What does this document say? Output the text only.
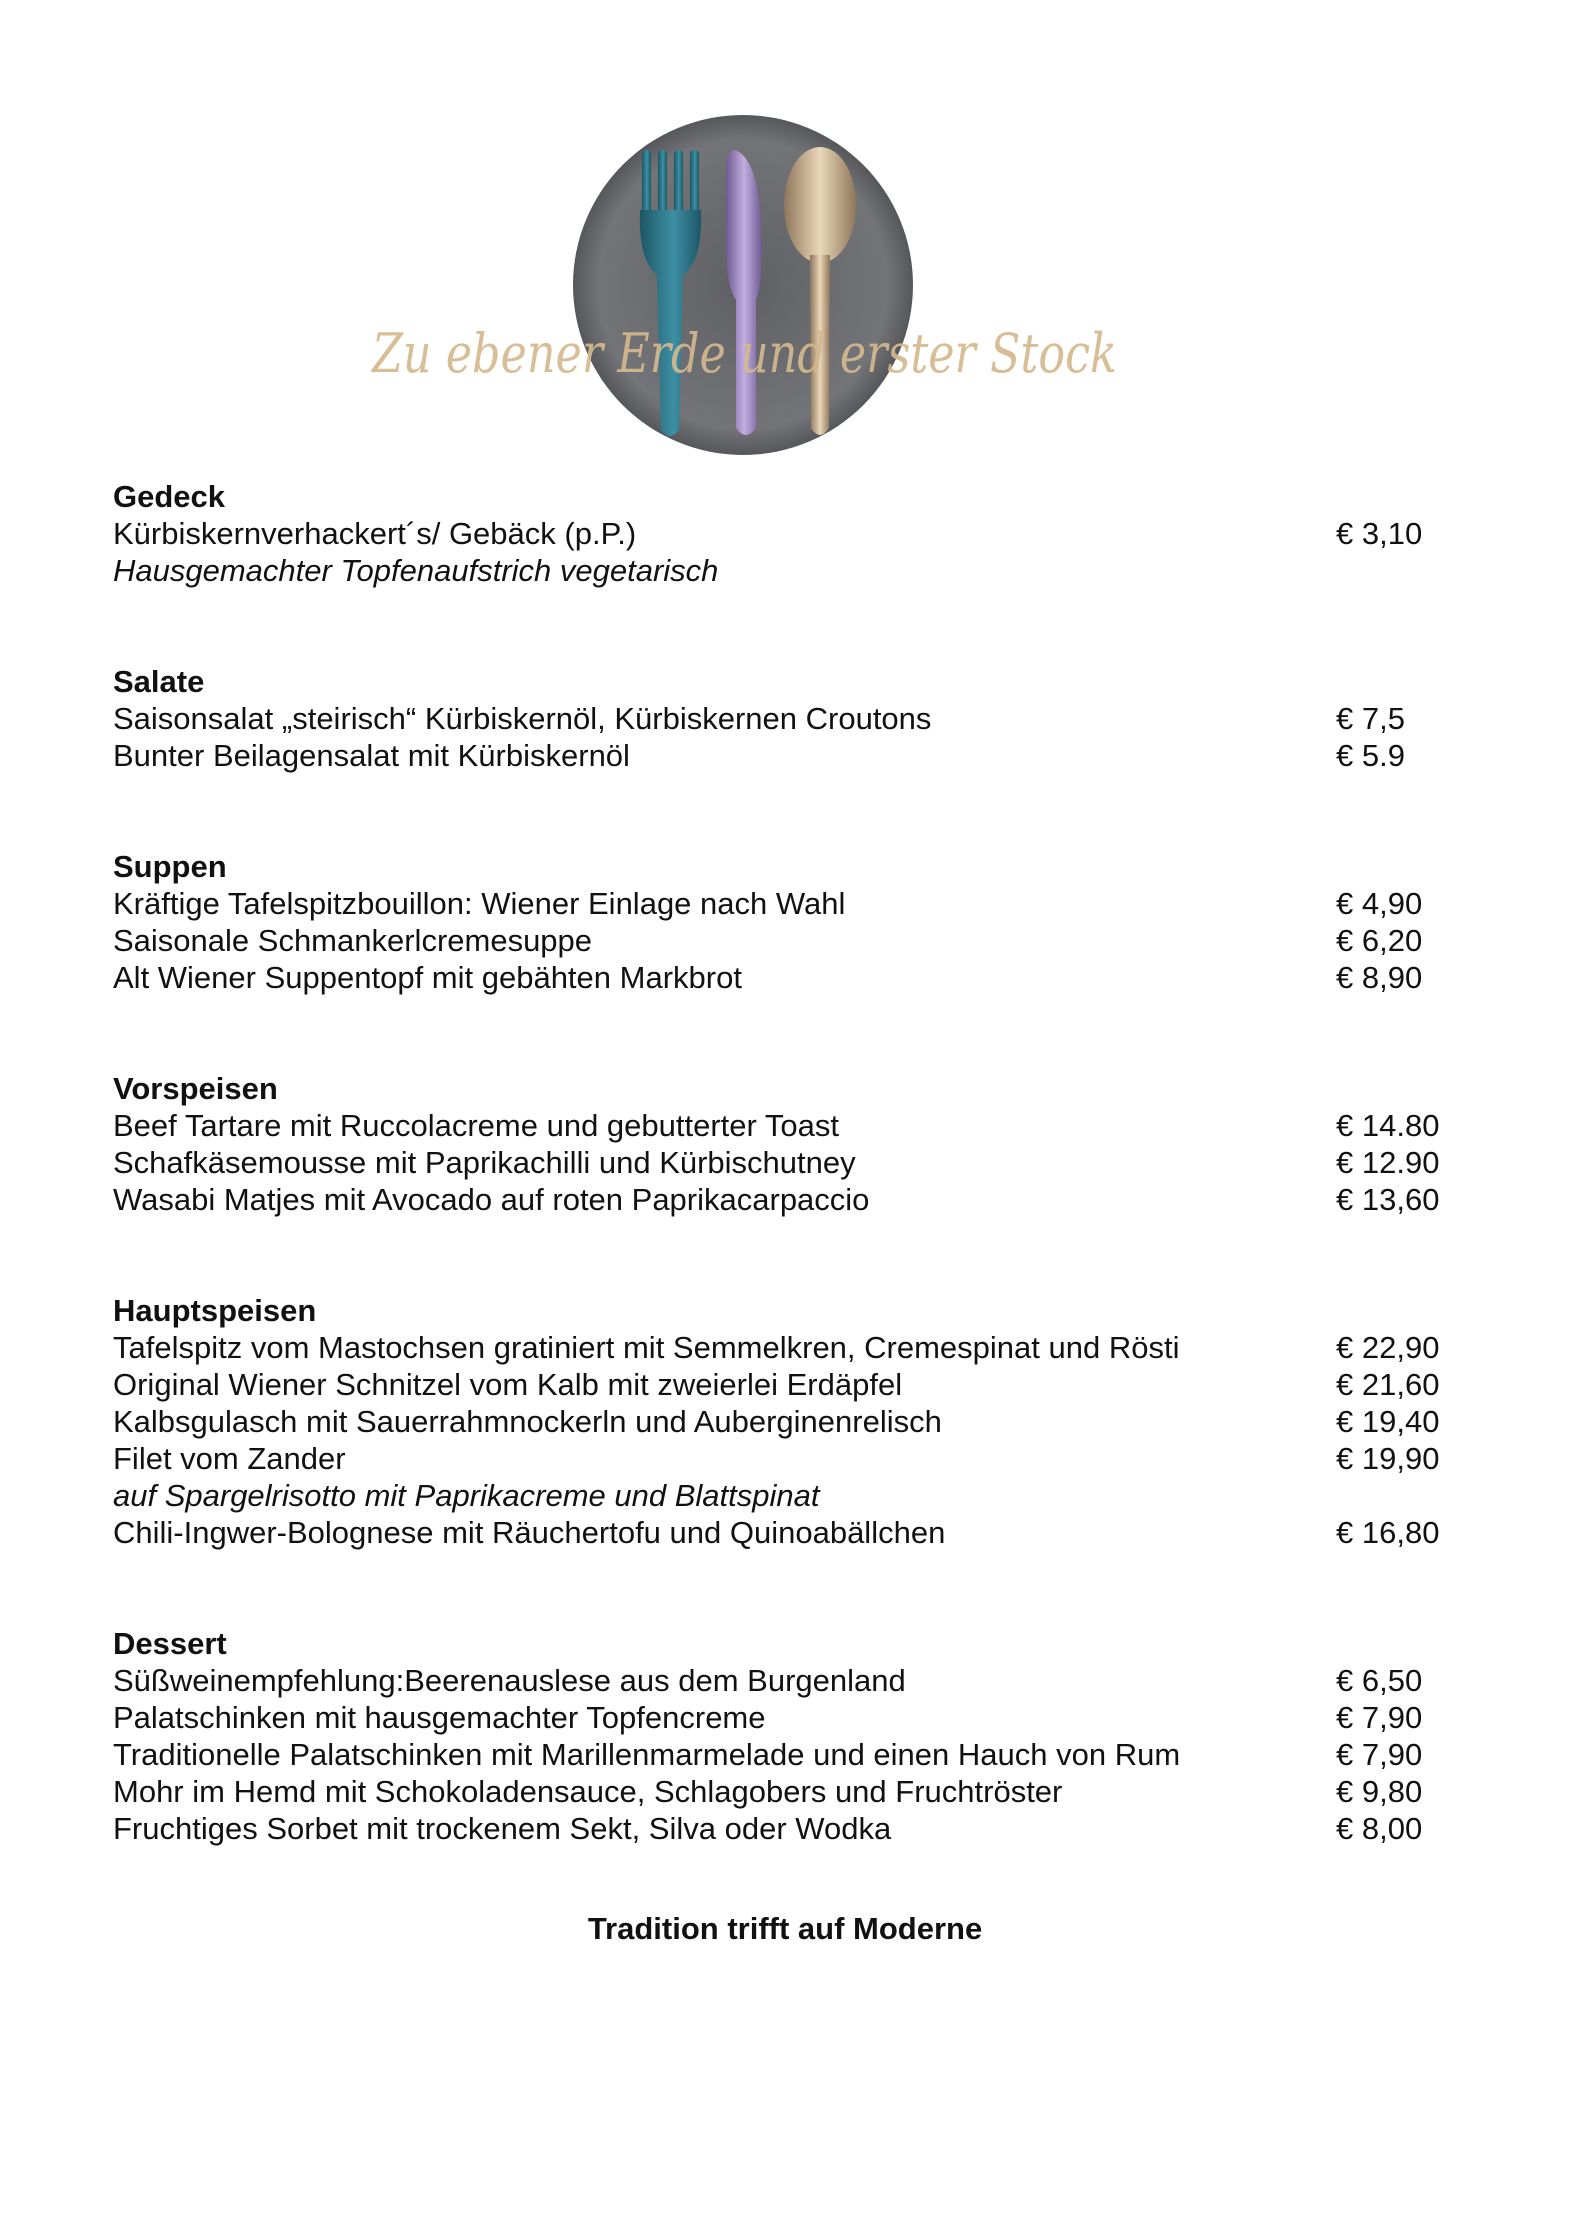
Zu ebener Erde und erster Stock
Gedeck
Kürbiskernverhackert´s/ Gebäck (p.P.)	€ 3,10
Hausgemachter Topfenaufstrich vegetarisch
Salate
Saisonsalat „steirisch“ Kürbiskernöl, Kürbiskernen Croutons	€ 7,5
Bunter Beilagensalat mit Kürbiskernöl	€ 5.9
Suppen
Kräftige Tafelspitzbouillon: Wiener Einlage nach Wahl	€ 4,90
Saisonale Schmankerlcremesuppe	€ 6,20
Alt Wiener Suppentopf mit gebähten Markbrot	€ 8,90
Vorspeisen
Beef Tartare mit Ruccolacreme und gebutterter Toast	€ 14.80
Schafkäsemousse mit Paprikachilli und Kürbischutney	€ 12.90
Wasabi Matjes mit Avocado auf roten Paprikacarpaccio	€ 13,60
Hauptspeisen
Tafelspitz vom Mastochsen gratiniert mit Semmelkren, Cremespinat und Rösti	€ 22,90
Original Wiener Schnitzel vom Kalb mit zweierlei Erdäpfel	€ 21,60
Kalbsgulasch mit Sauerrahmnockerln und Auberginenrelisch	€ 19,40
Filet vom Zander	€ 19,90
auf Spargelrisotto mit Paprikacreme und Blattspinat
Chili-Ingwer-Bolognese mit Räuchertofu und Quinoabällchen	€ 16,80
Dessert
Süßweinempfehlung:Beerenauslese aus dem Burgenland	€ 6,50
Palatschinken mit hausgemachter Topfencreme	€ 7,90
Traditionelle Palatschinken mit Marillenmarmelade und einen Hauch von Rum	€ 7,90
Mohr im Hemd mit Schokoladensauce, Schlagobers und Fruchtröster	€ 9,80
Fruchtiges Sorbet mit trockenem Sekt, Silva oder Wodka	€ 8,00
Tradition trifft auf Moderne
